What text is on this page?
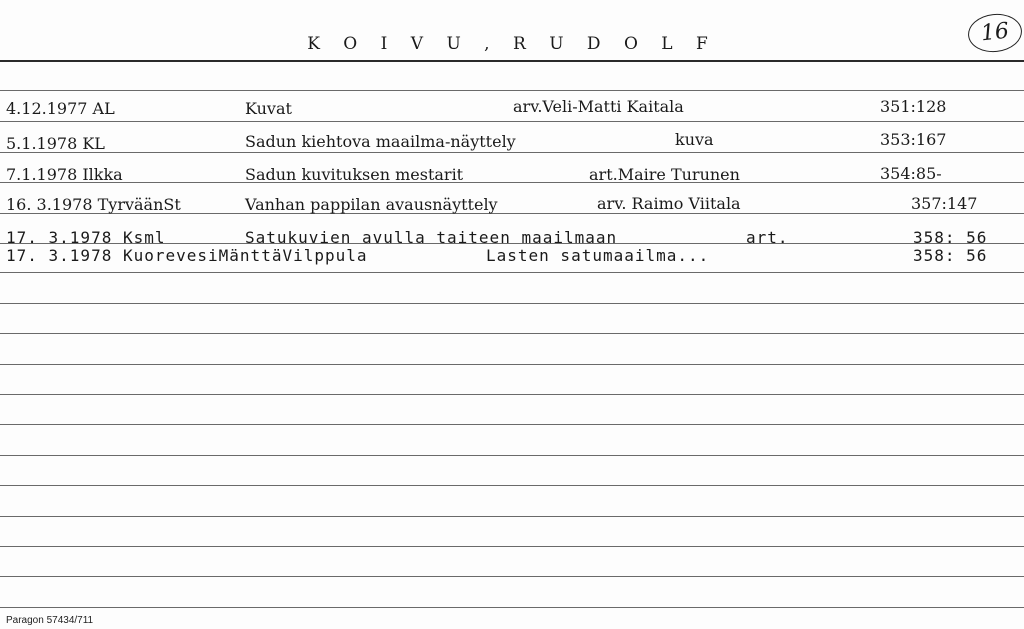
K O I V U , R U D O L F	16
4.12.1977 AL	Kuvat	arv.Veli-Matti Kaitala	351:128
5.1.1978 KL	Sadun kiehtova maailma-näyttely	kuva	353:167
7.1.1978 Ilkka	Sadun kuvituksen mestarit	art.Maire Turunen	354:85-
16. 3.1978 TyrväänSt	Vanhan pappilan avausnäyttely	arv. Raimo Viitala	357:147
17. 3.1978 Ksml	Satukuvien avulla taiteen maailmaan	art.	358: 56
17. 3.1978 KuorevesiMänttäVilppula	Lasten satumaailma...	358: 56
Paragon 57434/711
